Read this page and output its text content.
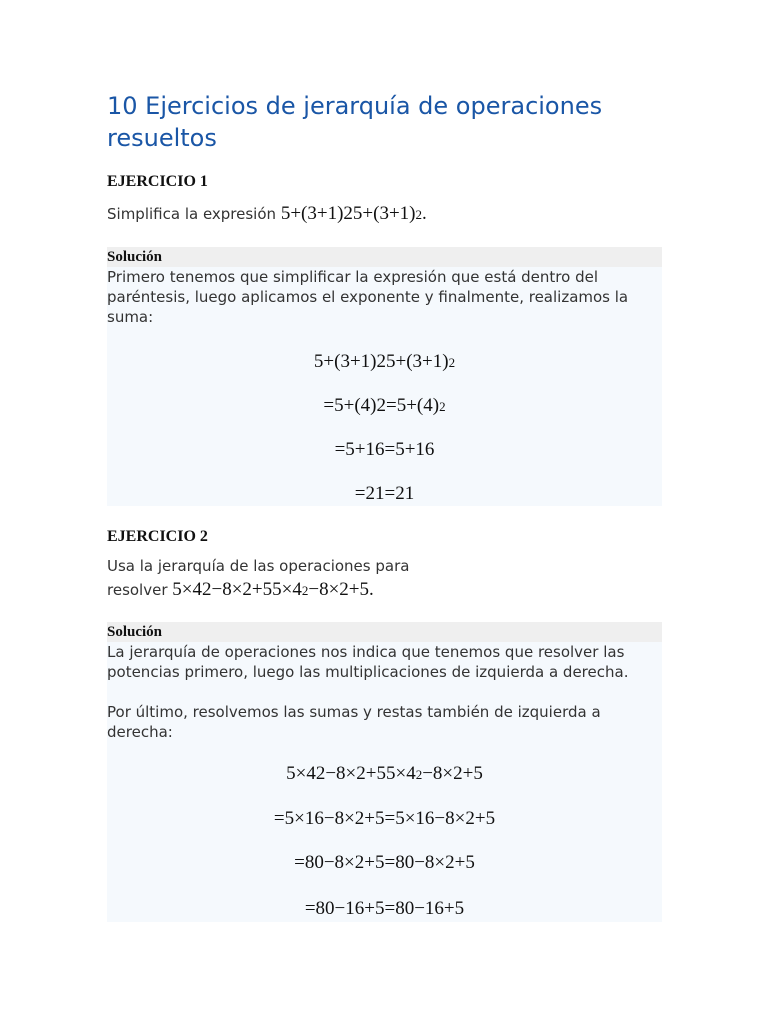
10 Ejercicios de jerarquía de operaciones resueltos

EJERCICIO 1

Simplifica la expresión 5+(3+1)25+(3+1)2.

Solución

Primero tenemos que simplificar la expresión que está dentro del paréntesis, luego aplicamos el exponente y finalmente, realizamos la suma:

5+(3+1)25+(3+1)2
=5+(4)2=5+(4)2
=5+16=5+16
=21=21

EJERCICIO 2

Usa la jerarquía de las operaciones para
resolver 5×42−8×2+55×42−8×2+5.

Solución

La jerarquía de operaciones nos indica que tenemos que resolver las potencias primero, luego las multiplicaciones de izquierda a derecha.

Por último, resolvemos las sumas y restas también de izquierda a derecha:

5×42−8×2+55×42−8×2+5
=5×16−8×2+5=5×16−8×2+5
=80−8×2+5=80−8×2+5
=80−16+5=80−16+5
